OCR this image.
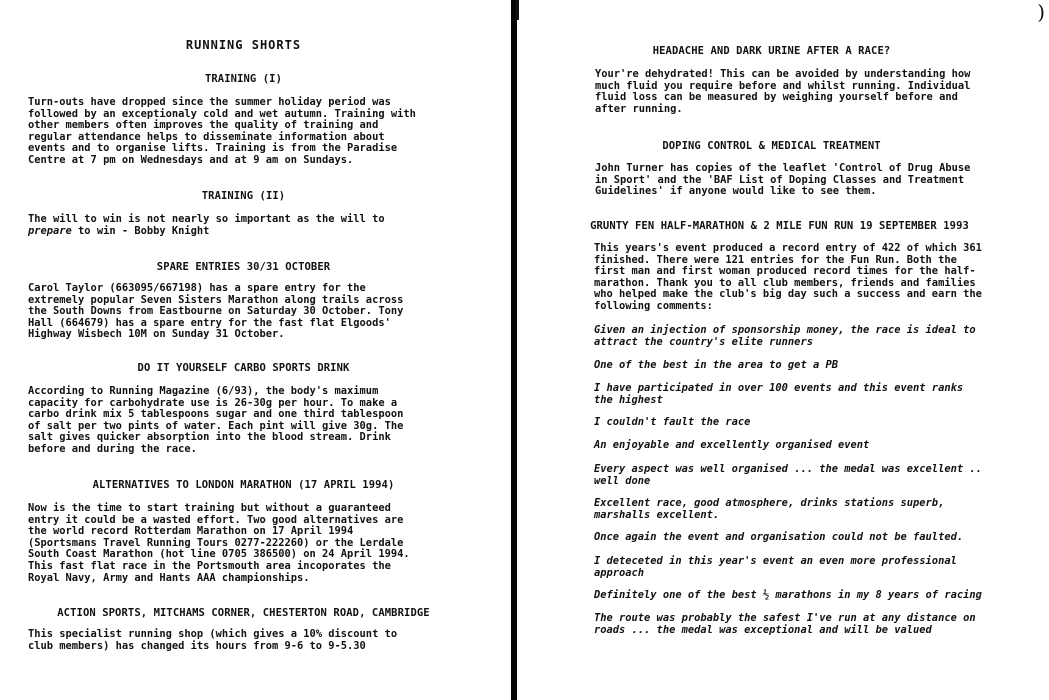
RUNNING SHORTS
TRAINING (I)
Turn-outs have dropped since the summer holiday period was
followed by an exceptionaly cold and wet autumn. Training with
other members often improves the quality of training and
regular attendance helps to disseminate information about
events and to organise lifts. Training is from the Paradise
Centre at 7 pm on Wednesdays and at 9 am on Sundays.
TRAINING (II)
The will to win is not nearly so important as the will to
prepare to win - Bobby Knight
SPARE ENTRIES 30/31 OCTOBER
Carol Taylor (663095/667198) has a spare entry for the
extremely popular Seven Sisters Marathon along trails across
the South Downs from Eastbourne on Saturday 30 October. Tony
Hall (664679) has a spare entry for the fast flat Elgoods'
Highway Wisbech 10M on Sunday 31 October.
DO IT YOURSELF CARBO SPORTS DRINK
According to Running Magazine (6/93), the body's maximum
capacity for carbohydrate use is 26-30g per hour. To make a
carbo drink mix 5 tablespoons sugar and one third tablespoon
of salt per two pints of water. Each pint will give 30g. The
salt gives quicker absorption into the blood stream. Drink
before and during the race.
ALTERNATIVES TO LONDON MARATHON (17 APRIL 1994)
Now is the time to start training but without a guaranteed
entry it could be a wasted effort. Two good alternatives are
the world record Rotterdam Marathon on 17 April 1994
(Sportsmans Travel Running Tours 0277-222260) or the Lerdale
South Coast Marathon (hot line 0705 386500) on 24 April 1994.
This fast flat race in the Portsmouth area incoporates the
Royal Navy, Army and Hants AAA championships.
ACTION SPORTS, MITCHAMS CORNER, CHESTERTON ROAD, CAMBRIDGE
This specialist running shop (which gives a 10% discount to
club members) has changed its hours from 9-6 to 9-5.30
)
HEADACHE AND DARK URINE AFTER A RACE?
Your're dehydrated! This can be avoided by understanding how
much fluid you require before and whilst running. Individual
fluid loss can be measured by weighing yourself before and
after running.
DOPING CONTROL & MEDICAL TREATMENT
John Turner has copies of the leaflet 'Control of Drug Abuse
in Sport' and the 'BAF List of Doping Classes and Treatment
Guidelines' if anyone would like to see them.
GRUNTY FEN HALF-MARATHON & 2 MILE FUN RUN 19 SEPTEMBER 1993
This years's event produced a record entry of 422 of which 361
finished. There were 121 entries for the Fun Run. Both the
first man and first woman produced record times for the half-
marathon. Thank you to all club members, friends and families
who helped make the club's big day such a success and earn the
following comments:
Given an injection of sponsorship money, the race is ideal to
attract the country's elite runners
One of the best in the area to get a PB
I have participated in over 100 events and this event ranks
the highest
I couldn't fault the race
An enjoyable and excellently organised event
Every aspect was well organised ... the medal was excellent ..
well done
Excellent race, good atmosphere, drinks stations superb,
marshalls excellent.
Once again the event and organisation could not be faulted.
I deteceted in this year's event an even more professional
approach
Definitely one of the best ½ marathons in my 8 years of racing
The route was probably the safest I've run at any distance on
roads ... the medal was exceptional and will be valued
